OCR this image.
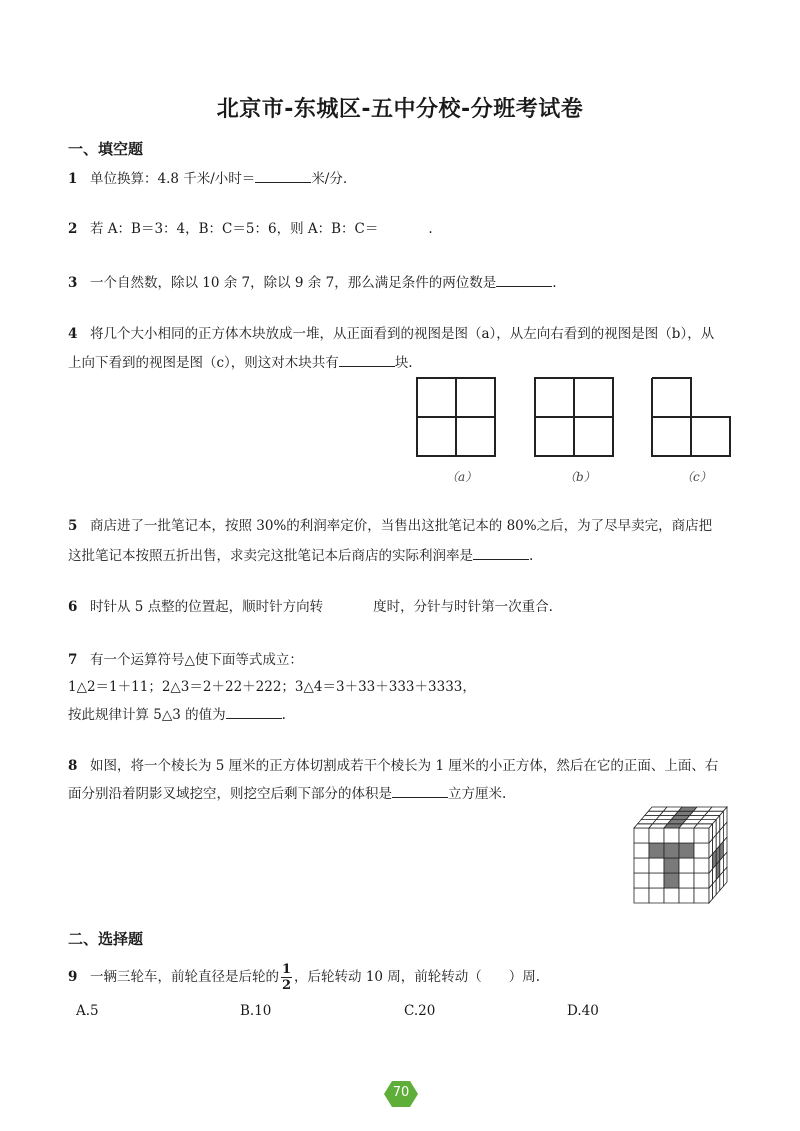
北京市-东城区-五中分校-分班考试卷
一、填空题
1 单位换算：4.8 千米/小时＝	米/分.
2 若 A：B＝3：4，B：C＝5：6，则 A：B：C＝	.
3 一个自然数，除以 10 余 7，除以 9 余 7，那么满足条件的两位数是	.
4 将几个大小相同的正方体木块放成一堆，从正面看到的视图是图（a），从左向右看到的视图是图（b），从
上向下看到的视图是图（c），则这对木块共有	块.
（a）	（b）	（c）
5 商店进了一批笔记本，按照 30%的利润率定价，当售出这批笔记本的 80%之后，为了尽早卖完，商店把
这批笔记本按照五折出售，求卖完这批笔记本后商店的实际利润率是	.
6 时针从 5 点整的位置起，顺时针方向转	度时，分针与时针第一次重合.
7 有一个运算符号△使下面等式成立：
1△2＝1＋11；2△3＝2＋22＋222；3△4＝3＋33＋333＋3333，
按此规律计算 5△3 的值为	.
8 如图，将一个棱长为 5 厘米的正方体切割成若干个棱长为 1 厘米的小正方体，然后在它的正面、上面、右
面分别沿着阴影叉域挖空，则挖空后剩下部分的体积是	立方厘米.
二、选择题
9 一辆三轮车，前轮直径是后轮的 $\frac{1}{2}$ ，后轮转动 10 周，前轮转动（　　）周.
A.5	B.10	C.20	D.40
70
